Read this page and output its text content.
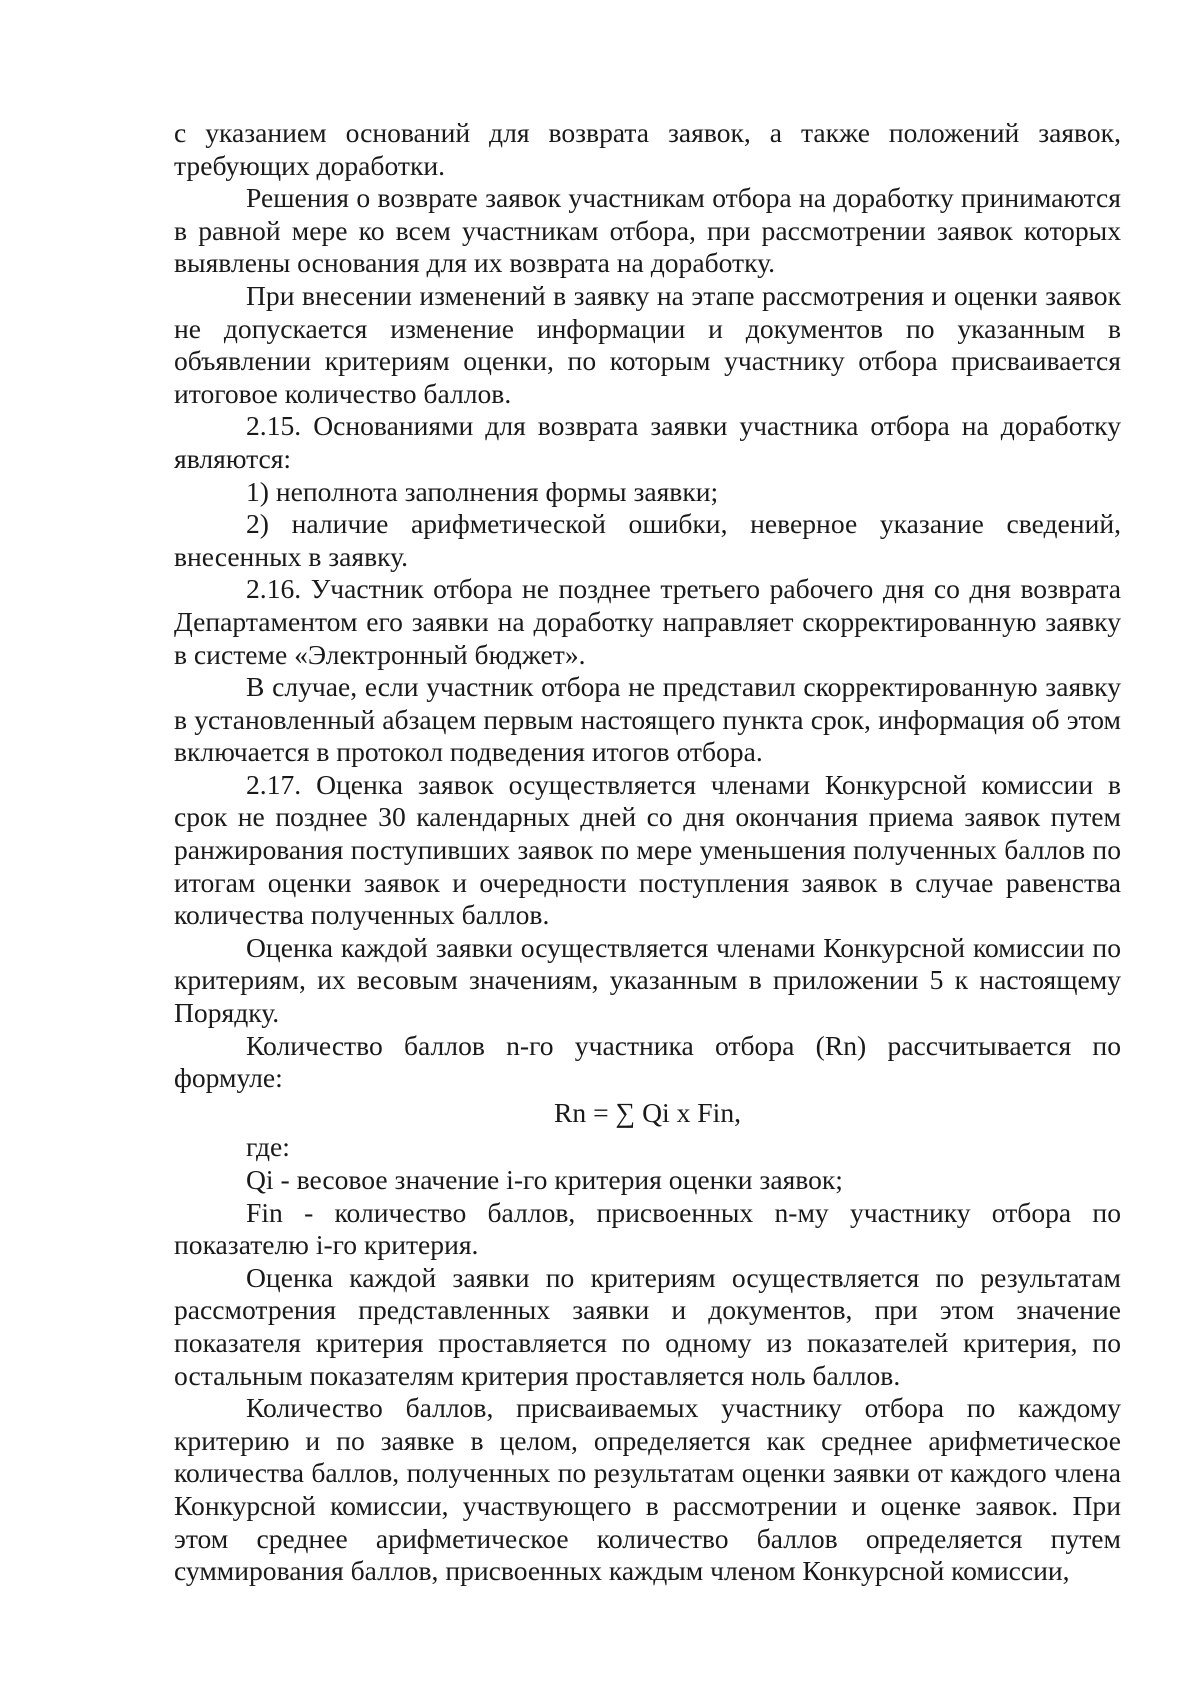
с указанием оснований для возврата заявок, а также положений заявок, требующих доработки.

Решения о возврате заявок участникам отбора на доработку принимаются в равной мере ко всем участникам отбора, при рассмотрении заявок которых выявлены основания для их возврата на доработку.

При внесении изменений в заявку на этапе рассмотрения и оценки заявок не допускается изменение информации и документов по указанным в объявлении критериям оценки, по которым участнику отбора присваивается итоговое количество баллов.

2.15. Основаниями для возврата заявки участника отбора на доработку являются:

1) неполнота заполнения формы заявки;

2) наличие арифметической ошибки, неверное указание сведений, внесенных в заявку.

2.16. Участник отбора не позднее третьего рабочего дня со дня возврата Департаментом его заявки на доработку направляет скорректированную заявку в системе «Электронный бюджет».

В случае, если участник отбора не представил скорректированную заявку в установленный абзацем первым настоящего пункта срок, информация об этом включается в протокол подведения итогов отбора.

2.17. Оценка заявок осуществляется членами Конкурсной комиссии в срок не позднее 30 календарных дней со дня окончания приема заявок путем ранжирования поступивших заявок по мере уменьшения полученных баллов по итогам оценки заявок и очередности поступления заявок в случае равенства количества полученных баллов.

Оценка каждой заявки осуществляется членами Конкурсной комиссии по критериям, их весовым значениям, указанным в приложении 5 к настоящему Порядку.

Количество баллов n-го участника отбора (Rn) рассчитывается по формуле:

Rn = ∑ Qi x Fin,

где:

Qi - весовое значение i-го критерия оценки заявок;

Fin - количество баллов, присвоенных n-му участнику отбора по показателю i-го критерия.

Оценка каждой заявки по критериям осуществляется по результатам рассмотрения представленных заявки и документов, при этом значение показателя критерия проставляется по одному из показателей критерия, по остальным показателям критерия проставляется ноль баллов.

Количество баллов, присваиваемых участнику отбора по каждому критерию и по заявке в целом, определяется как среднее арифметическое количества баллов, полученных по результатам оценки заявки от каждого члена Конкурсной комиссии, участвующего в рассмотрении и оценке заявок. При этом среднее арифметическое количество баллов определяется путем суммирования баллов, присвоенных каждым членом Конкурсной комиссии,
